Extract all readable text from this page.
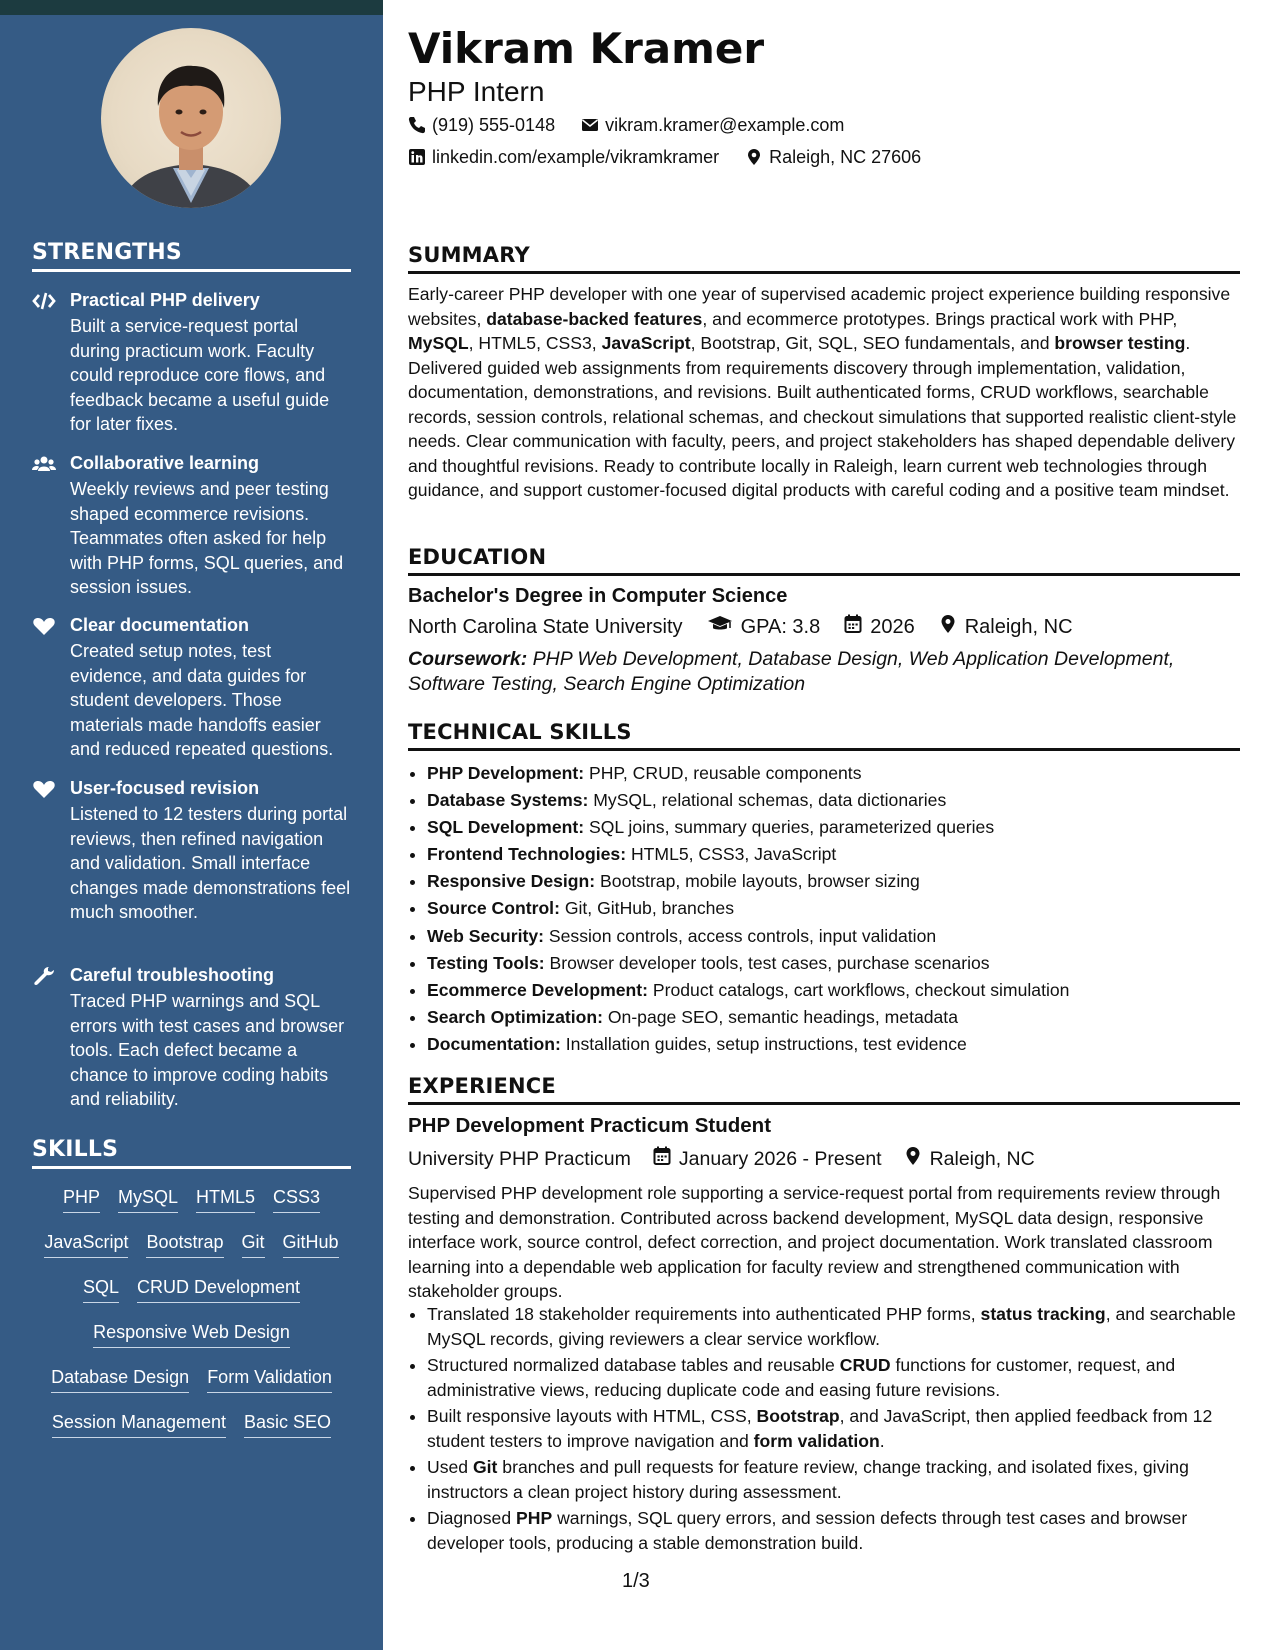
STRENGTHS
Practical PHP delivery
Built a service-request portal during practicum work. Faculty could reproduce core flows, and feedback became a useful guide for later fixes.
Collaborative learning
Weekly reviews and peer testing shaped ecommerce revisions. Teammates often asked for help with PHP forms, SQL queries, and session issues.
Clear documentation
Created setup notes, test evidence, and data guides for student developers. Those materials made handoffs easier and reduced repeated questions.
User-focused revision
Listened to 12 testers during portal reviews, then refined navigation and validation. Small interface changes made demonstrations feel much smoother.
Careful troubleshooting
Traced PHP warnings and SQL errors with test cases and browser tools. Each defect became a chance to improve coding habits and reliability.
SKILLS
PHP MySQL HTML5 CSS3
JavaScript Bootstrap Git GitHub
SQL CRUD Development
Responsive Web Design
Database Design Form Validation
Session Management Basic SEO
Vikram Kramer
PHP Intern
(919) 555-0148	vikram.kramer@example.com
linkedin.com/example/vikramkramer	Raleigh, NC 27606
SUMMARY
Early-career PHP developer with one year of supervised academic project experience building responsive websites, database-backed features, and ecommerce prototypes. Brings practical work with PHP, MySQL, HTML5, CSS3, JavaScript, Bootstrap, Git, SQL, SEO fundamentals, and browser testing. Delivered guided web assignments from requirements discovery through implementation, validation, documentation, demonstrations, and revisions. Built authenticated forms, CRUD workflows, searchable records, session controls, relational schemas, and checkout simulations that supported realistic client-style needs. Clear communication with faculty, peers, and project stakeholders has shaped dependable delivery and thoughtful revisions. Ready to contribute locally in Raleigh, learn current web technologies through guidance, and support customer-focused digital products with careful coding and a positive team mindset.
EDUCATION
Bachelor's Degree in Computer Science
North Carolina State University	GPA: 3.8	2026	Raleigh, NC
Coursework: PHP Web Development, Database Design, Web Application Development, Software Testing, Search Engine Optimization
TECHNICAL SKILLS
• PHP Development: PHP, CRUD, reusable components
• Database Systems: MySQL, relational schemas, data dictionaries
• SQL Development: SQL joins, summary queries, parameterized queries
• Frontend Technologies: HTML5, CSS3, JavaScript
• Responsive Design: Bootstrap, mobile layouts, browser sizing
• Source Control: Git, GitHub, branches
• Web Security: Session controls, access controls, input validation
• Testing Tools: Browser developer tools, test cases, purchase scenarios
• Ecommerce Development: Product catalogs, cart workflows, checkout simulation
• Search Optimization: On-page SEO, semantic headings, metadata
• Documentation: Installation guides, setup instructions, test evidence
EXPERIENCE
PHP Development Practicum Student
University PHP Practicum January 2026 - Present Raleigh, NC
Supervised PHP development role supporting a service-request portal from requirements review through testing and demonstration. Contributed across backend development, MySQL data design, responsive interface work, source control, defect correction, and project documentation. Work translated classroom learning into a dependable web application for faculty review and strengthened communication with stakeholder groups.
• Translated 18 stakeholder requirements into authenticated PHP forms, status tracking, and searchable MySQL records, giving reviewers a clear service workflow.
• Structured normalized database tables and reusable CRUD functions for customer, request, and administrative views, reducing duplicate code and easing future revisions.
• Built responsive layouts with HTML, CSS, Bootstrap, and JavaScript, then applied feedback from 12 student testers to improve navigation and form validation.
• Used Git branches and pull requests for feature review, change tracking, and isolated fixes, giving instructors a clean project history during assessment.
• Diagnosed PHP warnings, SQL query errors, and session defects through test cases and browser developer tools, producing a stable demonstration build.
1/3
